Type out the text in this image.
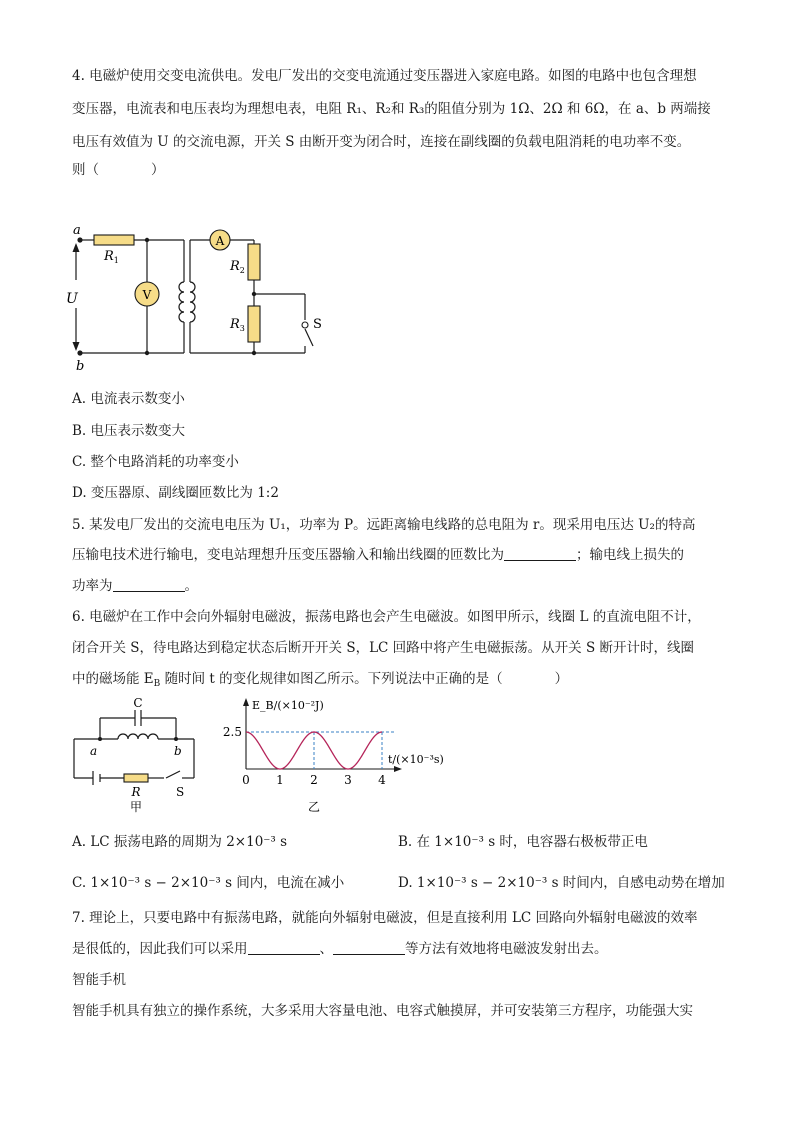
4. 电磁炉使用交变电流供电。发电厂发出的交变电流通过变压器进入家庭电路。如图的电路中也包含理想
变压器，电流表和电压表均为理想电表，电阻 R₁、R₂和 R₃的阻值分别为 1Ω、2Ω 和 6Ω，在 a、b 两端接
电压有效值为 U 的交流电源，开关 S 由断开变为闭合时，连接在副线圈的负载电阻消耗的电功率不变。
则（	）
a
b
U
$R_1$	$R_2$
$R_3$
V
A
S
A. 电流表示数变小
B. 电压表示数变大
C. 整个电路消耗的功率变小
D. 变压器原、副线圈匝数比为 1:2
5. 某发电厂发出的交流电电压为 U₁，功率为 P。远距离输电线路的总电阻为 r。现采用电压达 U₂的特高
压输电技术进行输电，变电站理想升压变压器输入和输出线圈的匝数比为	；输电线上损失的
功率为	。
6. 电磁炉在工作中会向外辐射电磁波，振荡电路也会产生电磁波。如图甲所示，线圈 L 的直流电阻不计，
闭合开关 S，待电路达到稳定状态后断开开关 S，LC 回路中将产生电磁振荡。从开关 S 断开计时，线圈
中的磁场能 $E_B$ 随时间 t 的变化规律如图乙所示。下列说法中正确的是（	）
C
a	b
R	S
甲
0 1 2 3 4
2.5
E_B/(×10⁻²J)
t/(×10⁻³s)
乙
A. LC 振荡电路的周期为 2×10⁻³ s	B. 在 1×10⁻³ s 时，电容器右极板带正电
C. 1×10⁻³ s − 2×10⁻³ s 间内，电流在减小	D. 1×10⁻³ s − 2×10⁻³ s 时间内，自感电动势在增加
7. 理论上，只要电路中有振荡电路，就能向外辐射电磁波，但是直接利用 LC 回路向外辐射电磁波的效率
是很低的，因此我们可以采用	、	等方法有效地将电磁波发射出去。
智能手机
智能手机具有独立的操作系统，大多采用大容量电池、电容式触摸屏，并可安装第三方程序，功能强大实
